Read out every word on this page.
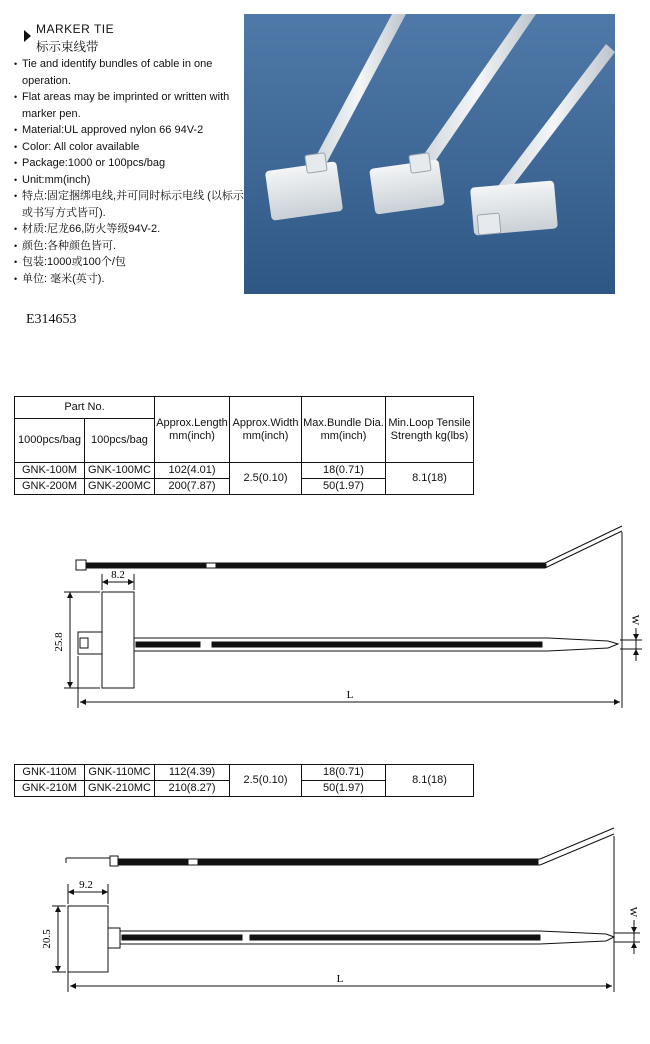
MARKER TIE
标示束线带
• Tie and identify bundles of cable in one operation.
• Flat areas may be imprinted or written with marker pen.
• Material:UL approved nylon 66 94V-2
• Color: All color available
• Package:1000 or 100pcs/bag
• Unit:mm(inch)
• 特点:固定捆绑电线,并可同时标示电线 (以标示或书写方式皆可).
• 材质:尼龙66,防火等级94V-2.
• 颜色:各种颜色皆可.
• 包装:1000或100个/包
• 单位: 毫米(英寸).
E314653
Part No.		Approx.Length mm(inch)	Approx.Width mm(inch)	Max.Bundle Dia. mm(inch)	Min.Loop Tensile Strength kg(lbs)
1000pcs/bag	100pcs/bag				
GNK-100M	GNK-100MC	102(4.01)	2.5(0.10)	18(0.71)	8.1(18)
GNK-200M	GNK-200MC	200(7.87)		50(1.97)	
8.2
25.8
L
W
GNK-110M	GNK-110MC	112(4.39)	2.5(0.10)	18(0.71)	8.1(18)
GNK-210M	GNK-210MC	210(8.27)		50(1.97)	
9.2
20.5
L
W
